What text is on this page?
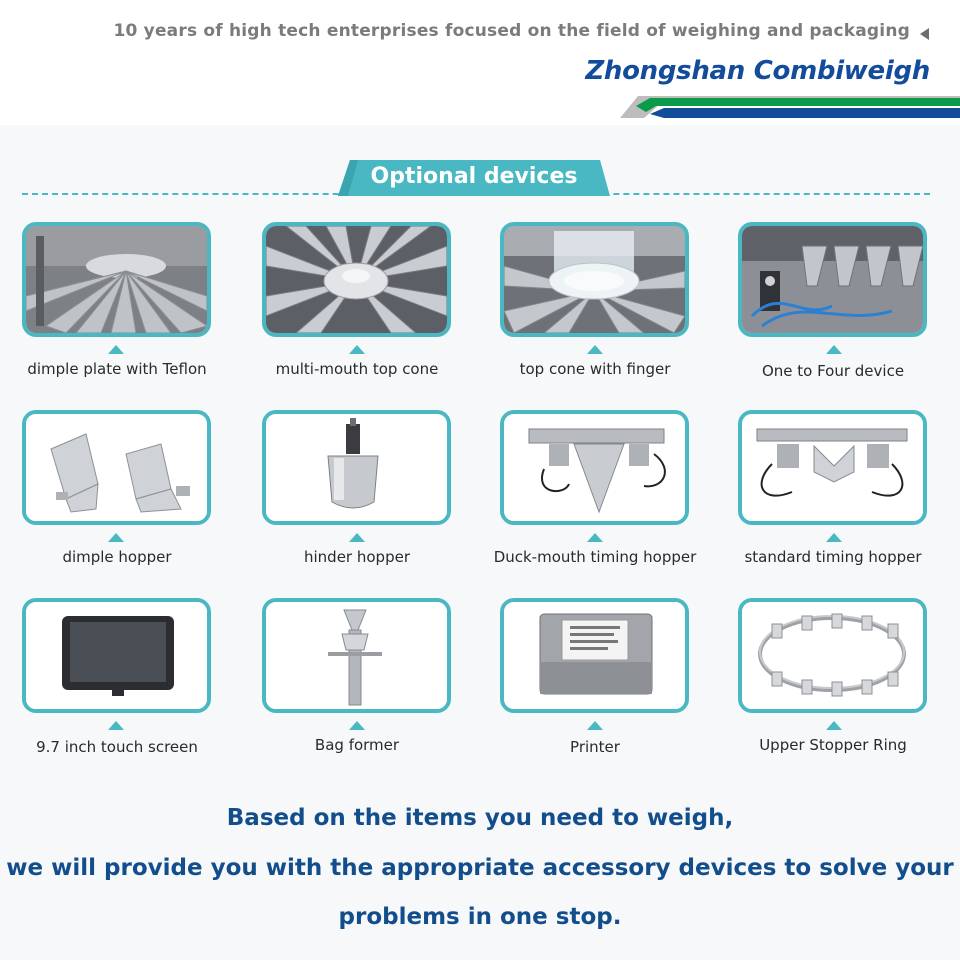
10 years of high tech enterprises focused on the field of weighing and packaging
Zhongshan Combiweigh
Optional devices
dimple plate with Teflon	multi-mouth top cone	top cone with finger	One to Four device
dimple hopper	hinder hopper	Duck-mouth timing hopper	standard timing hopper
9.7 inch touch screen	Bag former	Printer	Upper Stopper Ring
Based on the items you need to weigh,
we will provide you with the appropriate accessory devices to solve your
problems in one stop.
